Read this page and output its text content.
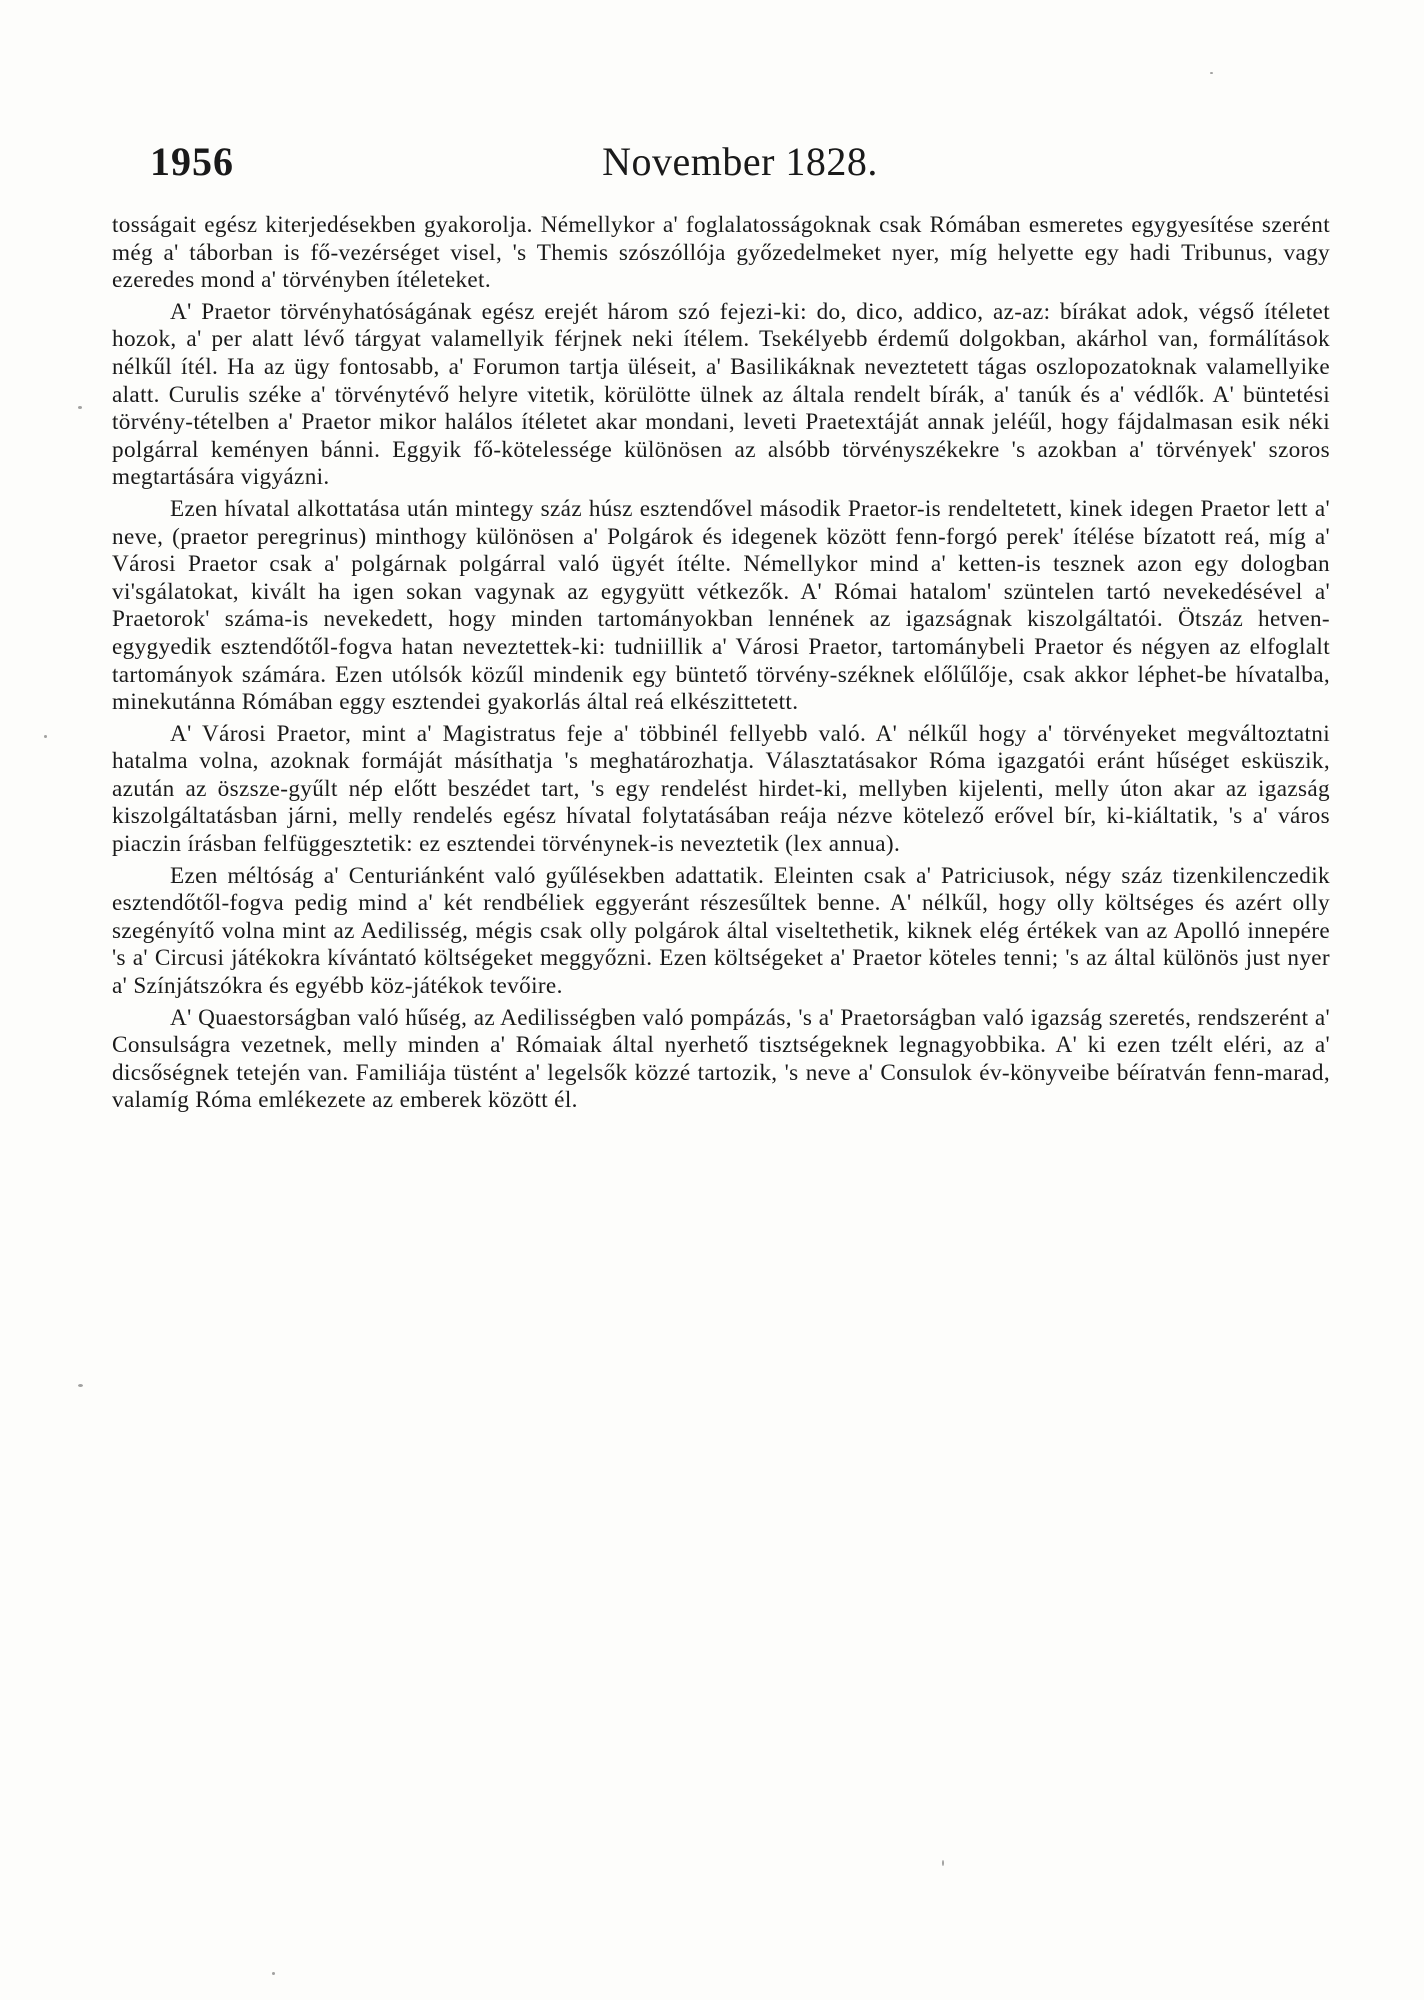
1956	November 1828.

tosságait egész kiterjedésekben gyakorolja. Némellykor a' foglalatosságoknak csak Rómában esmeretes egygyesítése szerént még a' táborban is fő-vezérséget visel, 's Themis szószóllója győzedelmeket nyer, míg helyette egy hadi Tribunus, vagy ezeredes mond a' törvényben ítéleteket.

A' Praetor törvényhatóságának egész erejét három szó fejezi-ki: do, dico, addico, az-az: bírákat adok, végső ítéletet hozok, a' per alatt lévő tárgyat valamellyik férjnek neki ítélem. Tsekélyebb érdemű dolgokban, akárhol van, formálítások nélkűl ítél. Ha az ügy fontosabb, a' Forumon tartja üléseit, a' Basilikáknak neveztetett tágas oszlopozatoknak valamellyike alatt. Curulis széke a' törvénytévő helyre vitetik, körülötte ülnek az általa rendelt bírák, a' tanúk és a' védlők. A' büntetési törvény-tételben a' Praetor mikor halálos ítéletet akar mondani, leveti Praetextáját annak jeléűl, hogy fájdalmasan esik néki polgárral keményen bánni. Eggyik fő-kötelessége különösen az alsóbb törvényszékekre 's azokban a' törvények' szoros megtartására vigyázni.

Ezen hívatal alkottatása után mintegy száz húsz esztendővel második Praetor-is rendeltetett, kinek idegen Praetor lett a' neve, (praetor peregrinus) minthogy különösen a' Polgárok és idegenek között fenn-forgó perek' ítélése bízatott reá, míg a' Városi Praetor csak a' polgárnak polgárral való ügyét ítélte. Némellykor mind a' ketten-is tesznek azon egy dologban vi'sgálatokat, kivált ha igen sokan vagynak az egygyütt vétkezők. A' Római hatalom' szüntelen tartó nevekedésével a' Praetorok' száma-is nevekedett, hogy minden tartományokban lennének az igazságnak kiszolgáltatói. Ötszáz hetven-egygyedik esztendőtől-fogva hatan neveztettek-ki: tudniillik a' Városi Praetor, tartománybeli Praetor és négyen az elfoglalt tartományok számára. Ezen utólsók közűl mindenik egy büntető törvény-széknek előlűlője, csak akkor léphet-be hívatalba, minekutánna Rómában eggy esztendei gyakorlás által reá elkészittetett.

A' Városi Praetor, mint a' Magistratus feje a' többinél fellyebb való. A' nélkűl hogy a' törvényeket megváltoztatni hatalma volna, azoknak formáját másíthatja 's meghatározhatja. Választatásakor Róma igazgatói eránt hűséget esküszik, azután az öszsze-gyűlt nép előtt beszédet tart, 's egy rendelést hirdet-ki, mellyben kijelenti, melly úton akar az igazság kiszolgáltatásban járni, melly rendelés egész hívatal folytatásában reája nézve kötelező erővel bír, ki-kiáltatik, 's a' város piaczin írásban felfüggesztetik: ez esztendei törvénynek-is neveztetik (lex annua).

Ezen méltóság a' Centuriánként való gyűlésekben adattatik. Eleinten csak a' Patriciusok, négy száz tizenkilenczedik esztendőtől-fogva pedig mind a' két rendbéliek eggyeránt részesűltek benne. A' nélkűl, hogy olly költséges és azért olly szegényítő volna mint az Aedilisség, mégis csak olly polgárok által viseltethetik, kiknek elég értékek van az Apolló innepére 's a' Circusi játékokra kívántató költségeket meggyőzni. Ezen költségeket a' Praetor köteles tenni; 's az által különös just nyer a' Színjátszókra és egyébb köz-játékok tevőire.

A' Quaestorságban való hűség, az Aedilisségben való pompázás, 's a' Praetorságban való igazság szeretés, rendszerént a' Consulságra vezetnek, melly minden a' Rómaiak által nyerhető tisztségeknek legnagyobbika. A' ki ezen tzélt eléri, az a' dicsőségnek tetején van. Familiája tüstént a' legelsők közzé tartozik, 's neve a' Consulok év-könyveibe béíratván fenn-marad, valamíg Róma emlékezete az emberek között él.
